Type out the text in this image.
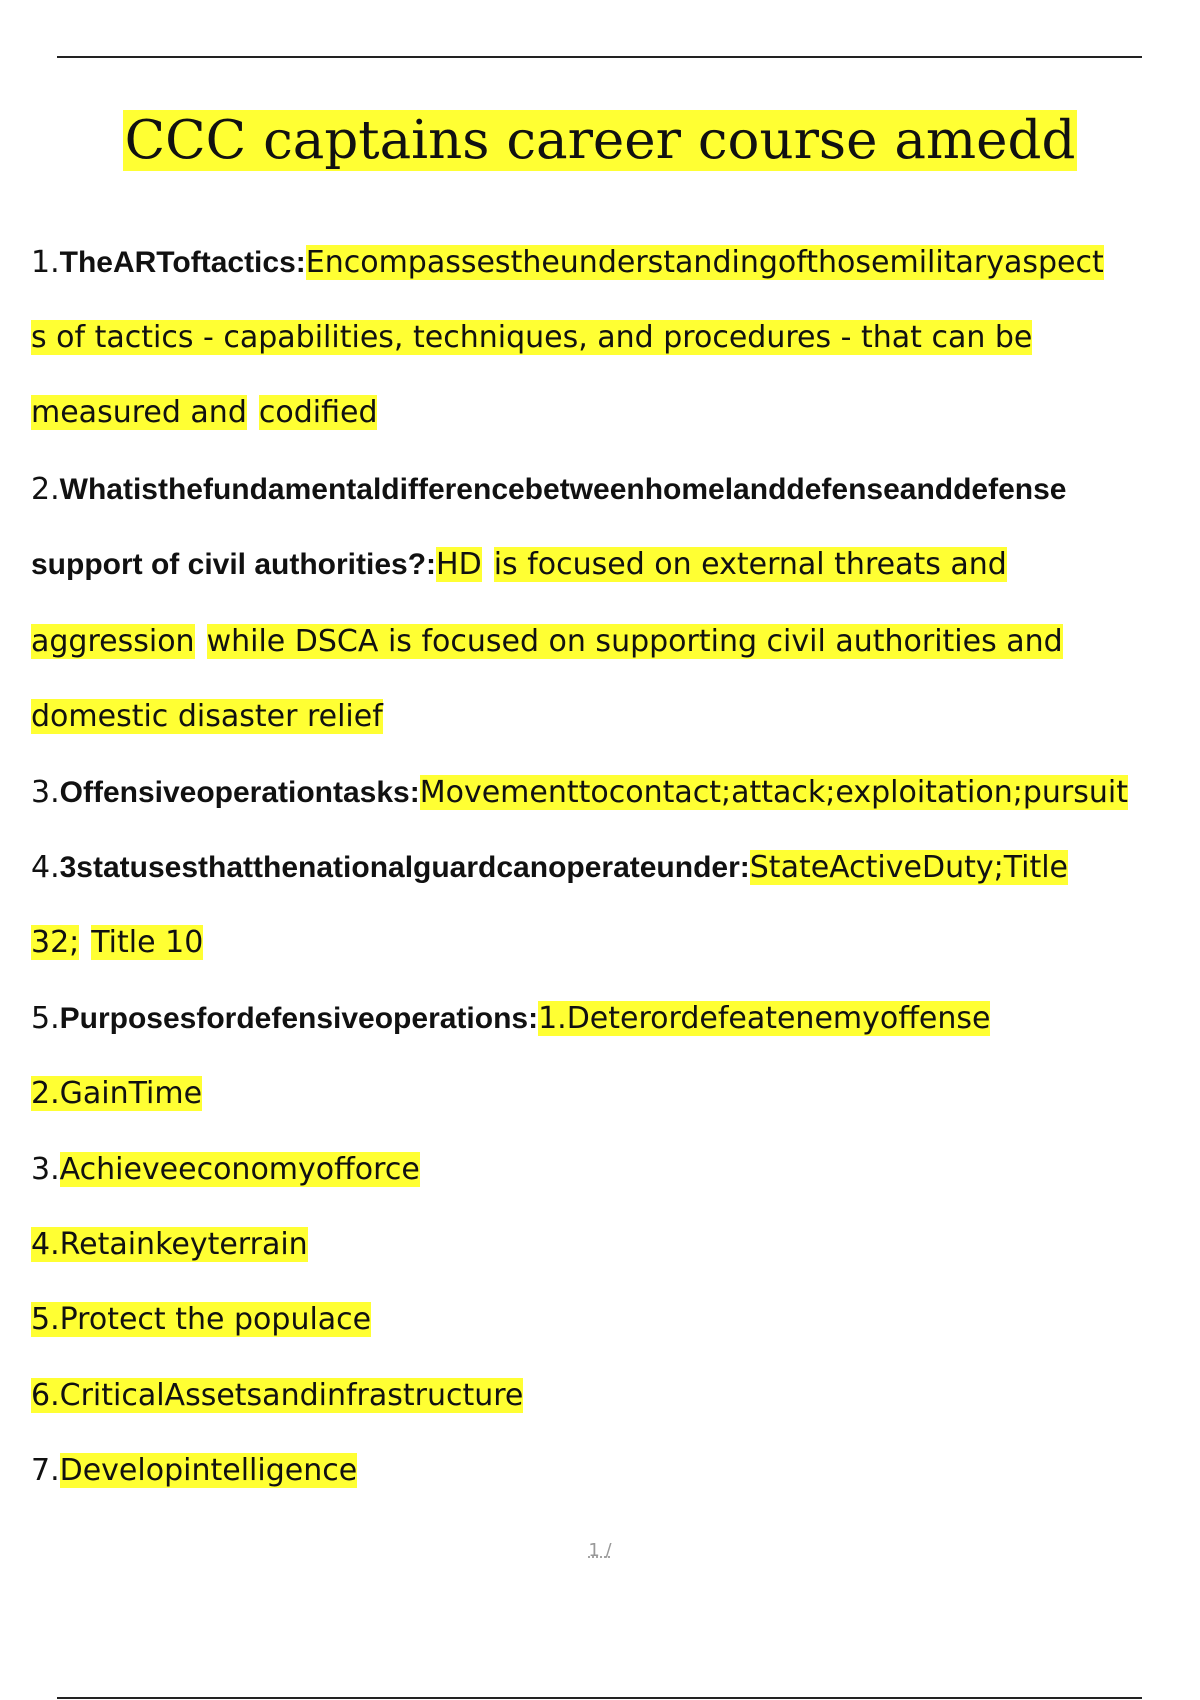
CCC captains career course amedd
1.TheARToftactics:Encompassestheunderstandingofthosemilitaryaspect
s of tactics - capabilities, techniques, and procedures - that can be
measured and codified
2.Whatisthefundamentaldifferencebetweenhomelanddefenseanddefense
support of civil authorities?:HD is focused on external threats and
aggression while DSCA is focused on supporting civil authorities and
domestic disaster relief
3.Offensiveoperationtasks:Movementtocontact;attack;exploitation;pursuit
4.3statusesthatthenationalguardcanoperateunder:StateActiveDuty;Title
32; Title 10
5.Purposesfordefensiveoperations:1.Deterordefeatenemyoffense
2.GainTime
3.Achieveeconomyofforce
4.Retainkeyterrain
5.Protect the populace
6.CriticalAssetsandinfrastructure
7.Developintelligence
1 /
